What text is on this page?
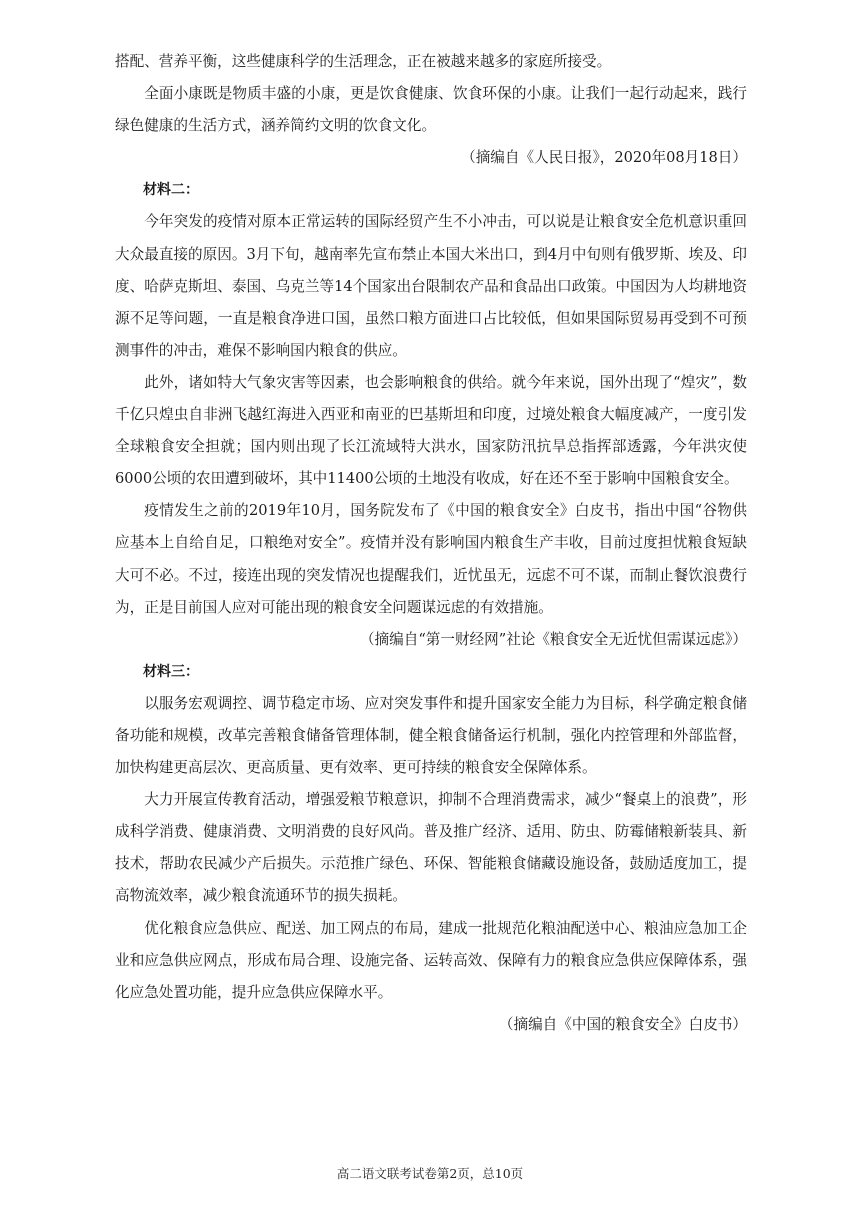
搭配、营养平衡，这些健康科学的生活理念，正在被越来越多的家庭所接受。

全面小康既是物质丰盛的小康，更是饮食健康、饮食环保的小康。让我们一起行动起来，践行绿色健康的生活方式，涵养简约文明的饮食文化。

（摘编自《人民日报》，2020年08月18日）

材料二：

今年突发的疫情对原本正常运转的国际经贸产生不小冲击，可以说是让粮食安全危机意识重回大众最直接的原因。3月下旬，越南率先宣布禁止本国大米出口，到4月中旬则有俄罗斯、埃及、印度、哈萨克斯坦、泰国、乌克兰等14个国家出台限制农产品和食品出口政策。中国因为人均耕地资源不足等问题，一直是粮食净进口国，虽然口粮方面进口占比较低，但如果国际贸易再受到不可预测事件的冲击，难保不影响国内粮食的供应。

此外，诸如特大气象灾害等因素，也会影响粮食的供给。就今年来说，国外出现了“煌灾”，数千亿只煌虫自非洲飞越红海进入西亚和南亚的巴基斯坦和印度，过境处粮食大幅度减产，一度引发全球粮食安全担就；国内则出现了长江流域特大洪水，国家防汛抗旱总指挥部透露，今年洪灾使6000公顷的农田遭到破坏，其中11400公顷的土地没有收成，好在还不至于影响中国粮食安全。

疫情发生之前的2019年10月，国务院发布了《中国的粮食安全》白皮书，指出中国“谷物供应基本上自给自足，口粮绝对安全”。疫情并没有影响国内粮食生产丰收，目前过度担忧粮食短缺大可不必。不过，接连出现的突发情况也提醒我们，近忧虽无，远虑不可不谋，而制止餐饮浪费行为，正是目前国人应对可能出现的粮食安全问题谋远虑的有效措施。

（摘编自“第一财经网”社论《粮食安全无近忧但需谋远虑》）

材料三：

以服务宏观调控、调节稳定市场、应对突发事件和提升国家安全能力为目标，科学确定粮食储备功能和规模，改革完善粮食储备管理体制，健全粮食储备运行机制，强化内控管理和外部监督，加快构建更高层次、更高质量、更有效率、更可持续的粮食安全保障体系。

大力开展宣传教育活动，增强爱粮节粮意识，抑制不合理消费需求，减少“餐桌上的浪费”，形成科学消费、健康消费、文明消费的良好风尚。普及推广经济、适用、防虫、防霉储粮新装具、新技术，帮助农民减少产后损失。示范推广绿色、环保、智能粮食储藏设施设备，鼓励适度加工，提高物流效率，减少粮食流通环节的损失损耗。

优化粮食应急供应、配送、加工网点的布局，建成一批规范化粮油配送中心、粮油应急加工企业和应急供应网点，形成布局合理、设施完备、运转高效、保障有力的粮食应急供应保障体系，强化应急处置功能，提升应急供应保障水平。

（摘编自《中国的粮食安全》白皮书）

高二语文联考试卷第2页，总10页
